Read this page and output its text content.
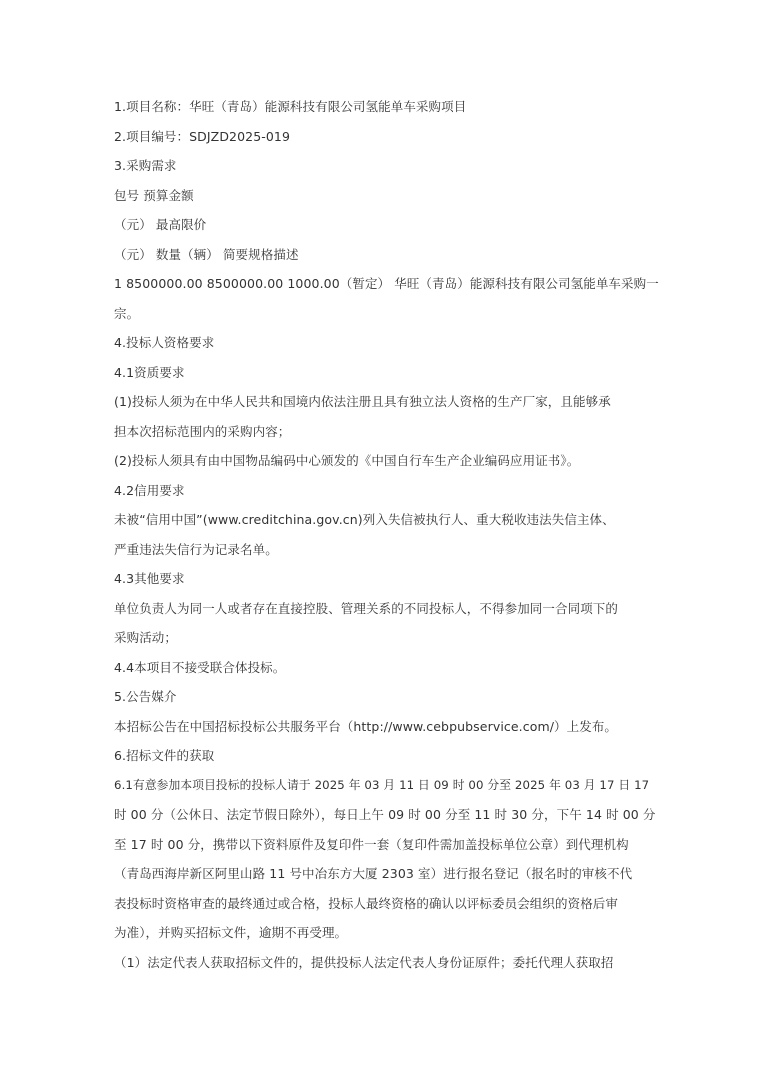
1.项目名称：华旺（青岛）能源科技有限公司氢能单车采购项目
2.项目编号：SDJZD2025-019
3.采购需求
包号 预算金额
（元） 最高限价
（元） 数量（辆） 简要规格描述
1 8500000.00 8500000.00 1000.00（暂定） 华旺（青岛）能源科技有限公司氢能单车采购一
宗。
4.投标人资格要求
4.1资质要求
(1)投标人须为在中华人民共和国境内依法注册且具有独立法人资格的生产厂家，且能够承
担本次招标范围内的采购内容；
(2)投标人须具有由中国物品编码中心颁发的《中国自行车生产企业编码应用证书》。
4.2信用要求
未被“信用中国”(www.creditchina.gov.cn)列入失信被执行人、重大税收违法失信主体、
严重违法失信行为记录名单。
4.3其他要求
单位负责人为同一人或者存在直接控股、管理关系的不同投标人，不得参加同一合同项下的
采购活动；
4.4本项目不接受联合体投标。
5.公告媒介
本招标公告在中国招标投标公共服务平台（http://www.cebpubservice.com/）上发布。
6.招标文件的获取
6.1有意参加本项目投标的投标人请于 2025 年 03 月 11 日 09 时 00 分至 2025 年 03 月 17 日 17
时 00 分（公休日、法定节假日除外），每日上午 09 时 00 分至 11 时 30 分，下午 14 时 00 分
至 17 时 00 分，携带以下资料原件及复印件一套（复印件需加盖投标单位公章）到代理机构
（青岛西海岸新区阿里山路 11 号中冶东方大厦 2303 室）进行报名登记（报名时的审核不代
表投标时资格审查的最终通过或合格，投标人最终资格的确认以评标委员会组织的资格后审
为准），并购买招标文件，逾期不再受理。
（1）法定代表人获取招标文件的，提供投标人法定代表人身份证原件；委托代理人获取招
